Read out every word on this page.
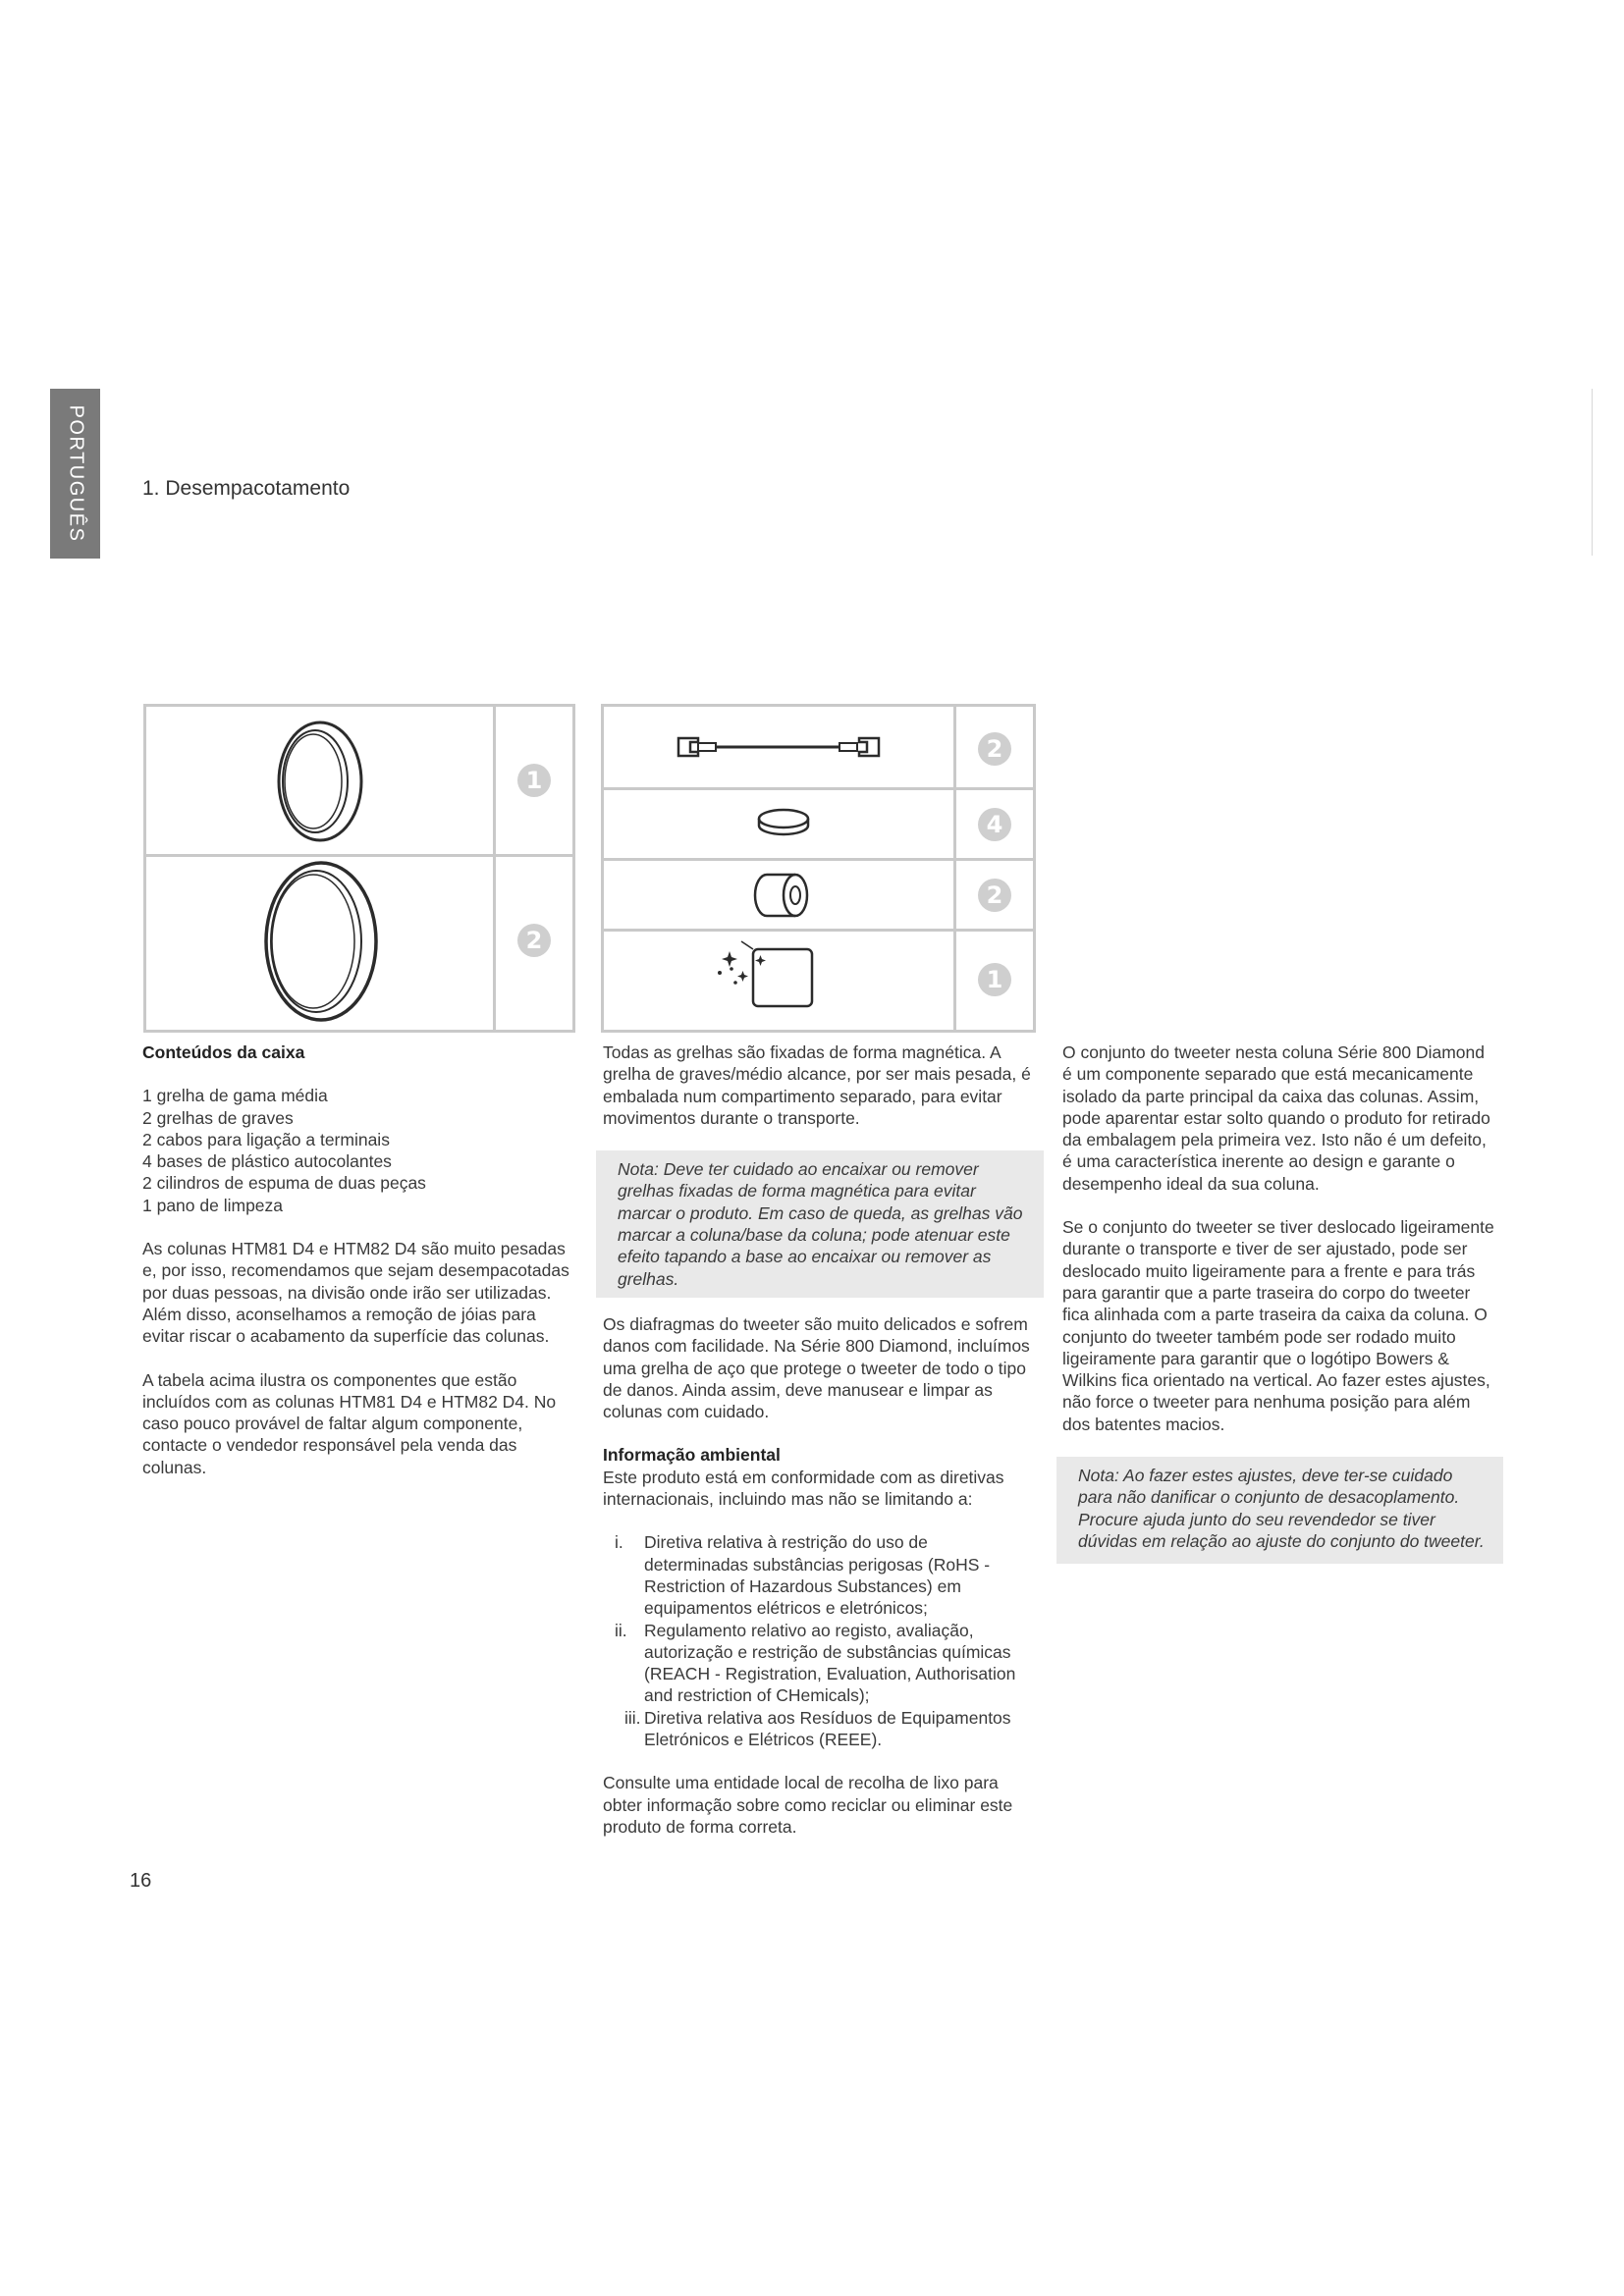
PORTUGUÊS	1. Desempacotamento
1
2
2
4
2
1
Conteúdos da caixa
1 grelha de gama média
2 grelhas de graves
2 cabos para ligação a terminais
4 bases de plástico autocolantes
2 cilindros de espuma de duas peças
1 pano de limpeza

As colunas HTM81 D4 e HTM82 D4 são muito pesadas e, por isso, recomendamos que sejam desempacotadas por duas pessoas, na divisão onde irão ser utilizadas. Além disso, aconselhamos a remoção de jóias para evitar riscar o acabamento da superfície das colunas.

A tabela acima ilustra os componentes que estão incluídos com as colunas HTM81 D4 e HTM82 D4. No caso pouco provável de faltar algum componente, contacte o vendedor responsável pela venda das colunas.

Todas as grelhas são fixadas de forma magnética. A grelha de graves/médio alcance, por ser mais pesada, é embalada num compartimento separado, para evitar movimentos durante o transporte.

Nota: Deve ter cuidado ao encaixar ou remover grelhas fixadas de forma magnética para evitar marcar o produto. Em caso de queda, as grelhas vão marcar a coluna/base da coluna; pode atenuar este efeito tapando a base ao encaixar ou remover as grelhas.

Os diafragmas do tweeter são muito delicados e sofrem danos com facilidade. Na Série 800 Diamond, incluímos uma grelha de aço que protege o tweeter de todo o tipo de danos. Ainda assim, deve manusear e limpar as colunas com cuidado.

Informação ambiental

Este produto está em conformidade com as diretivas internacionais, incluindo mas não se limitando a:

i. Diretiva relativa à restrição do uso de determinadas substâncias perigosas (RoHS - Restriction of Hazardous Substances) em equipamentos elétricos e eletrónicos;
ii. Regulamento relativo ao registo, avaliação, autorização e restrição de substâncias químicas (REACH - Registration, Evaluation, Authorisation and restriction of CHemicals);
iii. Diretiva relativa aos Resíduos de Equipamentos Eletrónicos e Elétricos (REEE).

Consulte uma entidade local de recolha de lixo para obter informação sobre como reciclar ou eliminar este produto de forma correta.

O conjunto do tweeter nesta coluna Série 800 Diamond é um componente separado que está mecanicamente isolado da parte principal da caixa das colunas. Assim, pode aparentar estar solto quando o produto for retirado da embalagem pela primeira vez. Isto não é um defeito, é uma característica inerente ao design e garante o desempenho ideal da sua coluna.

Se o conjunto do tweeter se tiver deslocado ligeiramente durante o transporte e tiver de ser ajustado, pode ser deslocado muito ligeiramente para a frente e para trás para garantir que a parte traseira do corpo do tweeter fica alinhada com a parte traseira da caixa da coluna. O conjunto do tweeter também pode ser rodado muito ligeiramente para garantir que o logótipo Bowers & Wilkins fica orientado na vertical. Ao fazer estes ajustes, não force o tweeter para nenhuma posição para além dos batentes macios.

Nota: Ao fazer estes ajustes, deve ter-se cuidado para não danificar o conjunto de desacoplamento. Procure ajuda junto do seu revendedor se tiver dúvidas em relação ao ajuste do conjunto do tweeter.
16
